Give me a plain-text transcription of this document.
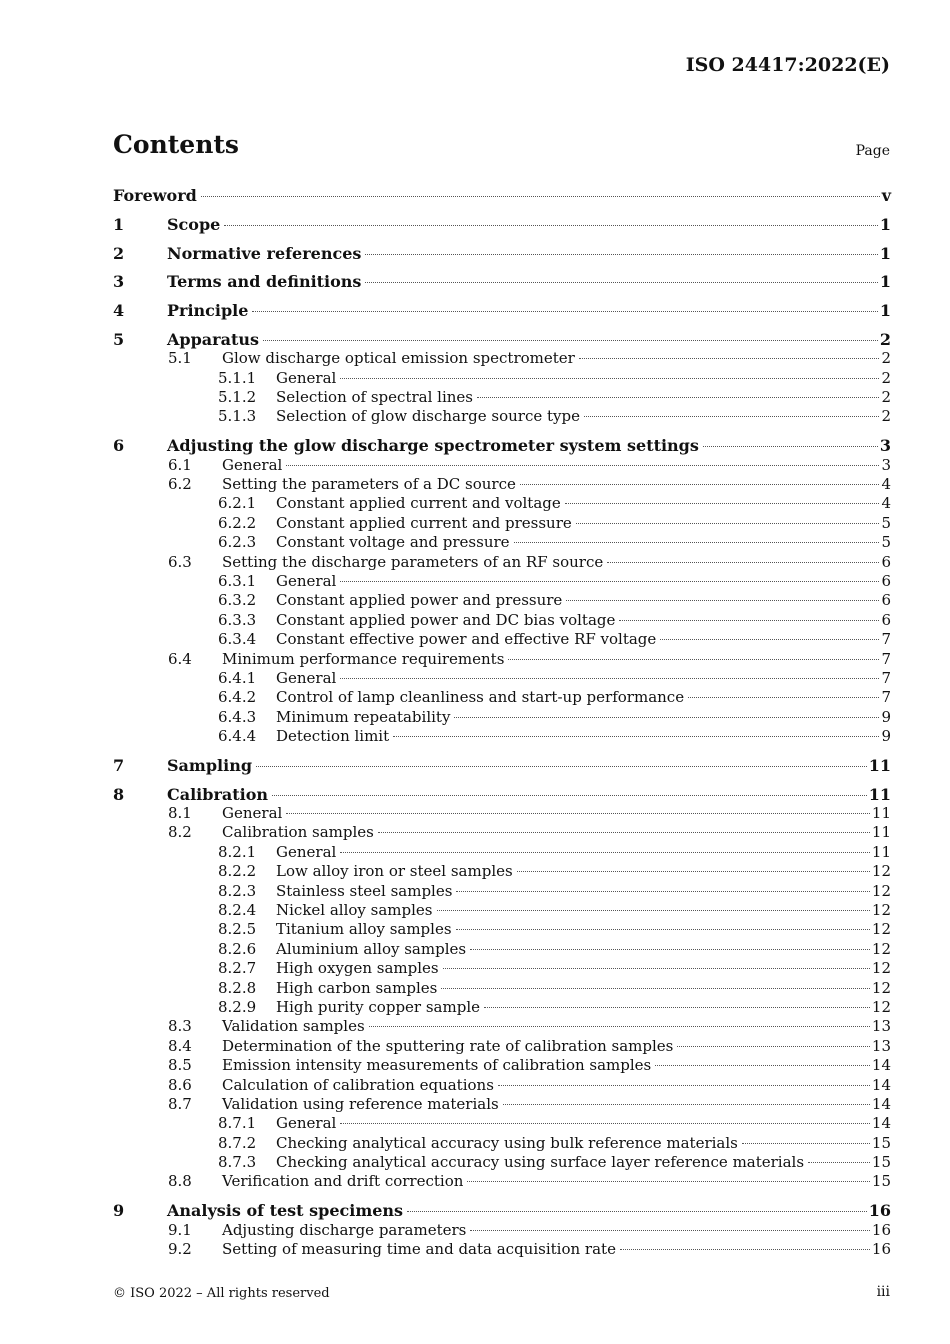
ISO 24417:2022(E)
Contents	Page
Foreword	v
1	Scope	1
2	Normative references	1
3	Terms and definitions	1
4	Principle	1
5	Apparatus	2
5.1 Glow discharge optical emission spectrometer	2
5.1.1 General	2
5.1.2 Selection of spectral lines	2
5.1.3 Selection of glow discharge source type	2
6	Adjusting the glow discharge spectrometer system settings	3
6.1 General	3
6.2 Setting the parameters of a DC source	4
6.2.1 Constant applied current and voltage	4
6.2.2 Constant applied current and pressure	5
6.2.3 Constant voltage and pressure	5
6.3 Setting the discharge parameters of an RF source	6
6.3.1 General	6
6.3.2 Constant applied power and pressure	6
6.3.3 Constant applied power and DC bias voltage	6
6.3.4 Constant effective power and effective RF voltage	7
6.4 Minimum performance requirements	7
6.4.1 General	7
6.4.2 Control of lamp cleanliness and start-up performance	7
6.4.3 Minimum repeatability	9
6.4.4 Detection limit	9
7	Sampling	11
8	Calibration	11
8.1 General	11
8.2 Calibration samples	11
8.2.1 General	11
8.2.2 Low alloy iron or steel samples	12
8.2.3 Stainless steel samples	12
8.2.4 Nickel alloy samples	12
8.2.5 Titanium alloy samples	12
8.2.6 Aluminium alloy samples	12
8.2.7 High oxygen samples	12
8.2.8 High carbon samples	12
8.2.9 High purity copper sample	12
8.3 Validation samples	13
8.4 Determination of the sputtering rate of calibration samples	13
8.5 Emission intensity measurements of calibration samples	14
8.6 Calculation of calibration equations	14
8.7 Validation using reference materials	14
8.7.1 General	14
8.7.2 Checking analytical accuracy using bulk reference materials	15
8.7.3 Checking analytical accuracy using surface layer reference materials	15
8.8 Verification and drift correction	15
9	Analysis of test specimens	16
9.1 Adjusting discharge parameters	16
9.2 Setting of measuring time and data acquisition rate	16
© ISO 2022 – All rights reserved	iii
